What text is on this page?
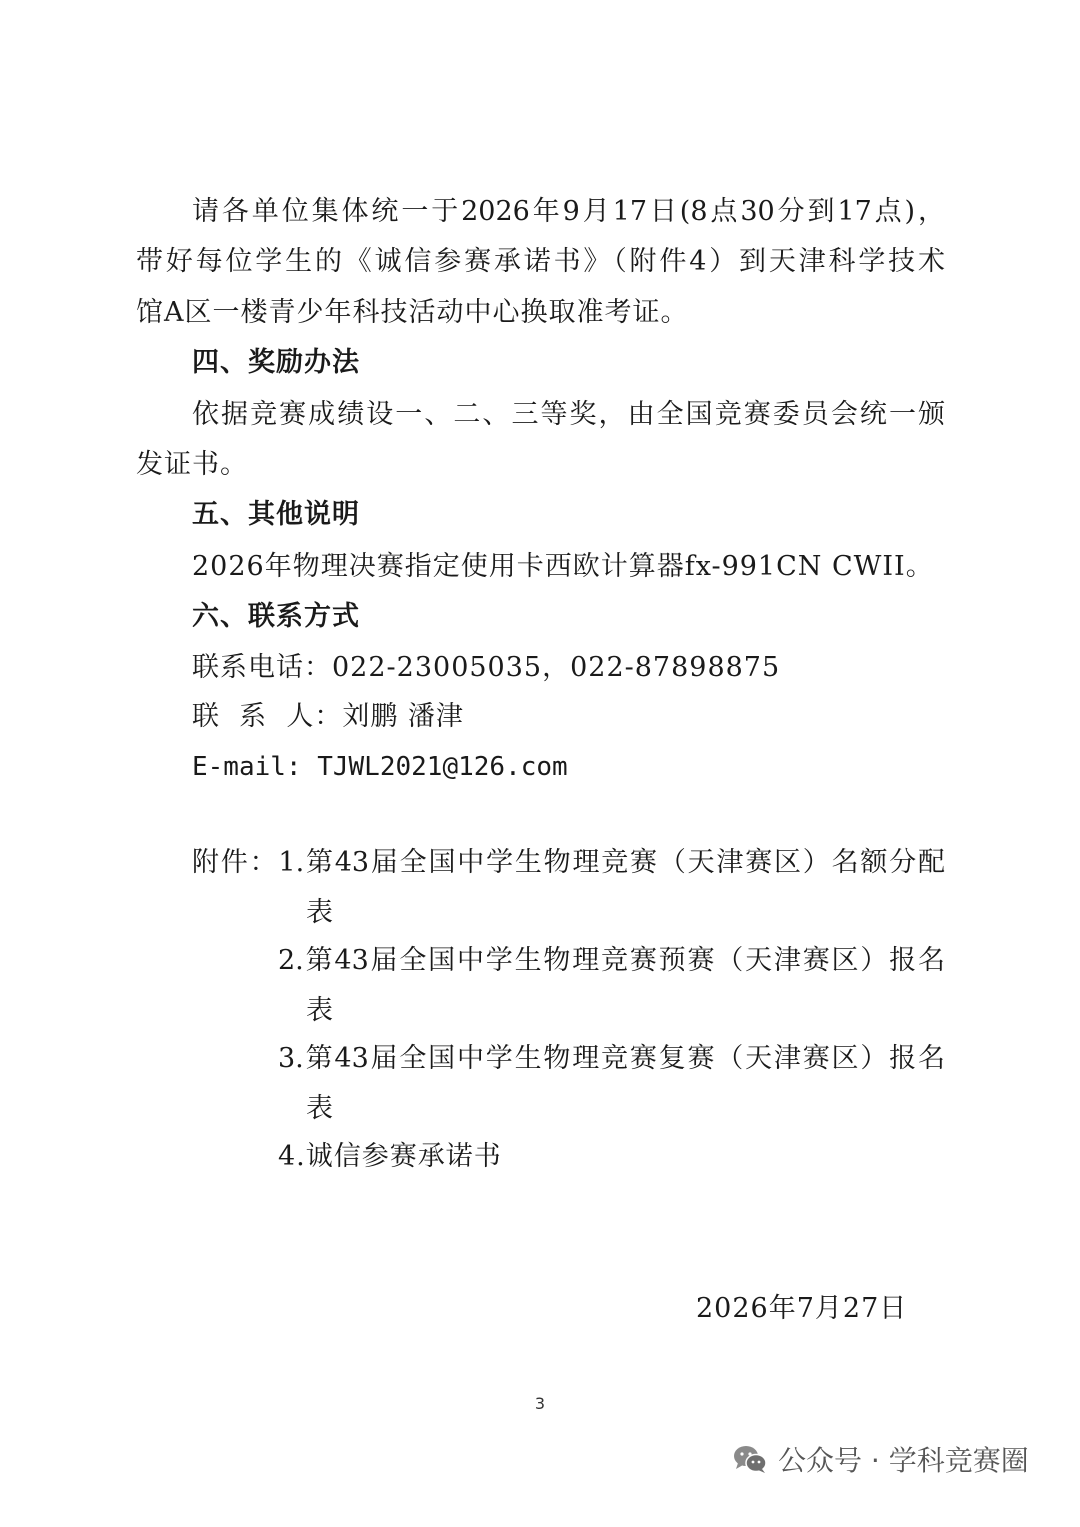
请各单位集体统一于2026年9月17日(8点30分到17点)，
带好每位学生的《诚信参赛承诺书》（附件4）到天津科学技术
馆A区一楼青少年科技活动中心换取准考证。
四、奖励办法
依据竞赛成绩设一、二、三等奖，由全国竞赛委员会统一颁
发证书。
五、其他说明
2026年物理决赛指定使用卡西欧计算器fx-991CN CWII。
六、联系方式
联系电话：022-23005035，022-87898875
联  系  人：刘鹏 潘津
E-mail: TJWL2021@126.com
附件：1.第43届全国中学生物理竞赛（天津赛区）名额分配
表
2.第43届全国中学生物理竞赛预赛（天津赛区）报名
表
3.第43届全国中学生物理竞赛复赛（天津赛区）报名
表
4.诚信参赛承诺书
2026年7月27日
3
公众号 · 学科竞赛圈
